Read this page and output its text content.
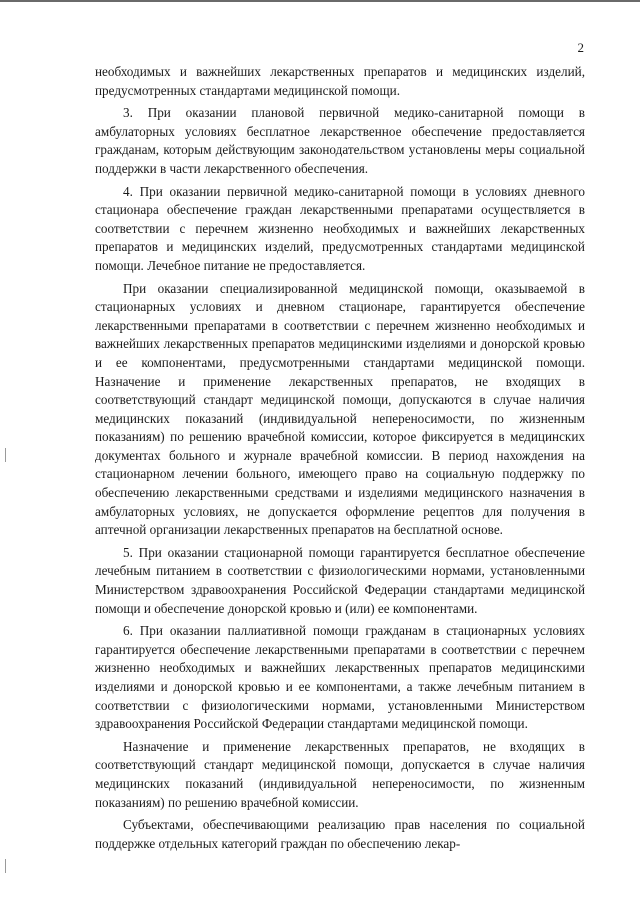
2

необходимых и важнейших лекарственных препаратов и медицинских изделий, предусмотренных стандартами медицинской помощи.

3. При оказании плановой первичной медико-санитарной помощи в амбулаторных условиях бесплатное лекарственное обеспечение предоставляется гражданам, которым действующим законодательством установлены меры социальной поддержки в части лекарственного обеспечения.

4. При оказании первичной медико-санитарной помощи в условиях дневного стационара обеспечение граждан лекарственными препаратами осуществляется в соответствии с перечнем жизненно необходимых и важнейших лекарственных препаратов и медицинских изделий, предусмотренных стандартами медицинской помощи. Лечебное питание не предоставляется.

При оказании специализированной медицинской помощи, оказываемой в стационарных условиях и дневном стационаре, гарантируется обеспечение лекарственными препаратами в соответствии с перечнем жизненно необходимых и важнейших лекарственных препаратов медицинскими изделиями и донорской кровью и ее компонентами, предусмотренными стандартами медицинской помощи. Назначение и применение лекарственных препаратов, не входящих в соответствующий стандарт медицинской помощи, допускаются в случае наличия медицинских показаний (индивидуальной непереносимости, по жизненным показаниям) по решению врачебной комиссии, которое фиксируется в медицинских документах больного и журнале врачебной комиссии. В период нахождения на стационарном лечении больного, имеющего право на социальную поддержку по обеспечению лекарственными средствами и изделиями медицинского назначения в амбулаторных условиях, не допускается оформление рецептов для получения в аптечной организации лекарственных препаратов на бесплатной основе.

5. При оказании стационарной помощи гарантируется бесплатное обеспечение лечебным питанием в соответствии с физиологическими нормами, установленными Министерством здравоохранения Российской Федерации стандартами медицинской помощи и обеспечение донорской кровью и (или) ее компонентами.

6. При оказании паллиативной помощи гражданам в стационарных условиях гарантируется обеспечение лекарственными препаратами в соответствии с перечнем жизненно необходимых и важнейших лекарственных препаратов медицинскими изделиями и донорской кровью и ее компонентами, а также лечебным питанием в соответствии с физиологическими нормами, установленными Министерством здравоохранения Российской Федерации стандартами медицинской помощи.

Назначение и применение лекарственных препаратов, не входящих в соответствующий стандарт медицинской помощи, допускается в случае наличия медицинских показаний (индивидуальной непереносимости, по жизненным показаниям) по решению врачебной комиссии.

Субъектами, обеспечивающими реализацию прав населения по социальной поддержке отдельных категорий граждан по обеспечению лекар-
